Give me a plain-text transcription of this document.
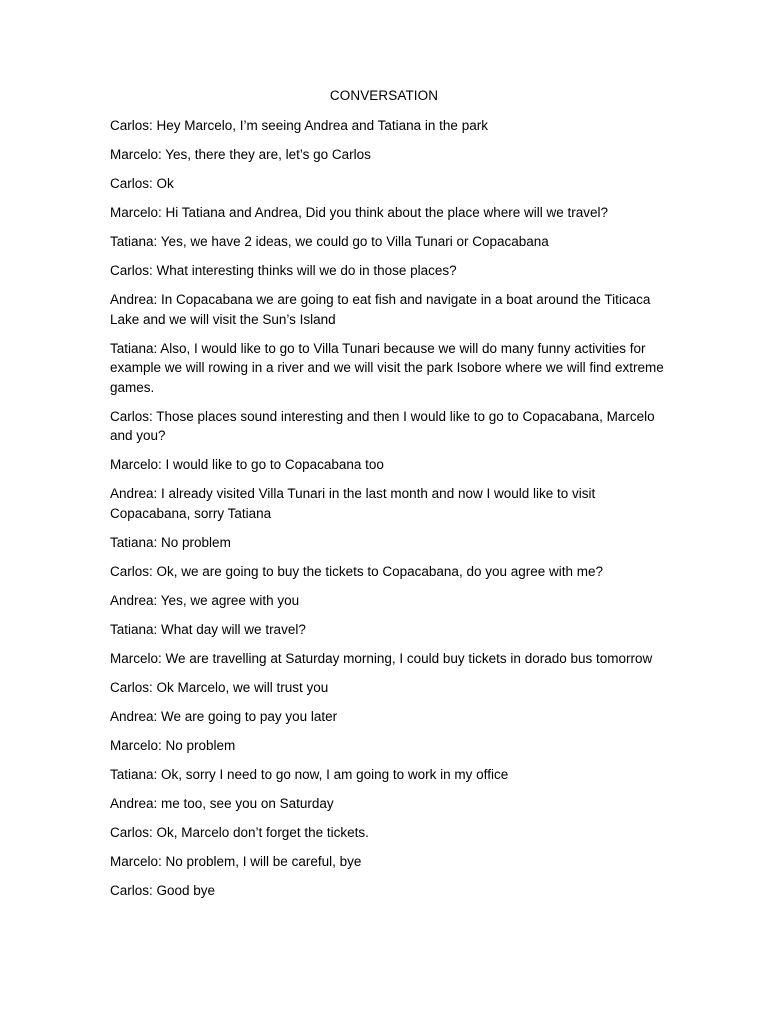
CONVERSATION

Carlos: Hey Marcelo, I’m seeing Andrea and Tatiana in the park

Marcelo: Yes, there they are, let’s go Carlos

Carlos: Ok

Marcelo: Hi Tatiana and Andrea, Did you think about the place where will we travel?

Tatiana: Yes, we have 2 ideas, we could go to Villa Tunari or Copacabana

Carlos: What interesting thinks will we do in those places?

Andrea: In Copacabana we are going to eat fish and navigate in a boat around the Titicaca Lake and we will visit the Sun’s Island

Tatiana: Also, I would like to go to Villa Tunari because we will do many funny activities for example we will rowing in a river and we will visit the park Isobore where we will find extreme games.

Carlos: Those places sound interesting and then I would like to go to Copacabana, Marcelo and you?

Marcelo: I would like to go to Copacabana too

Andrea: I already visited Villa Tunari in the last month and now I would like to visit Copacabana, sorry Tatiana

Tatiana: No problem

Carlos: Ok, we are going to buy the tickets to Copacabana, do you agree with me?

Andrea: Yes, we agree with you

Tatiana: What day will we travel?

Marcelo: We are travelling at Saturday morning, I could buy tickets in dorado bus tomorrow

Carlos: Ok Marcelo, we will trust you

Andrea: We are going to pay you later

Marcelo: No problem

Tatiana: Ok, sorry I need to go now, I am going to work in my office

Andrea: me too, see you on Saturday

Carlos: Ok, Marcelo don’t forget the tickets.

Marcelo: No problem, I will be careful, bye

Carlos: Good bye
